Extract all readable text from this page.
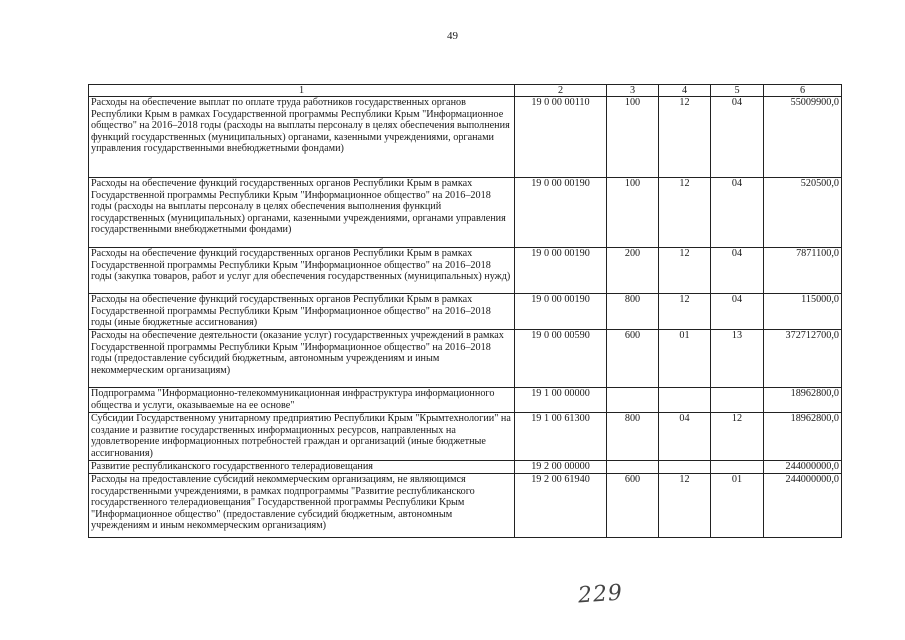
49
1	2	3	4	5	6
Расходы на обеспечение выплат по оплате труда работников государственных органов Республики Крым в рамках Государственной программы Республики Крым "Информационное общество" на 2016–2018 годы (расходы на выплаты персоналу в целях обеспечения выполнения функций государственных (муниципальных) органами, казенными учреждениями, органами управления государственными внебюджетными фондами)	19 0 00 00110	100	12	04	55009900,0
Расходы на обеспечение функций государственных органов Республики Крым в рамках Государственной программы Республики Крым "Информационное общество" на 2016–2018 годы (расходы на выплаты персоналу в целях обеспечения выполнения функций государственных (муниципальных) органами, казенными учреждениями, органами управления государственными внебюджетными фондами)	19 0 00 00190	100	12	04	520500,0
Расходы на обеспечение функций государственных органов Республики Крым в рамках Государственной программы Республики Крым "Информационное общество" на 2016–2018 годы (закупка товаров, работ и услуг для обеспечения государственных (муниципальных) нужд)	19 0 00 00190	200	12	04	7871100,0
Расходы на обеспечение функций государственных органов Республики Крым в рамках Государственной программы Республики Крым "Информационное общество" на 2016–2018 годы (иные бюджетные ассигнования)	19 0 00 00190	800	12	04	115000,0
Расходы на обеспечение деятельности (оказание услуг) государственных учреждений в рамках Государственной программы Республики Крым "Информационное общество" на 2016–2018 годы (предоставление субсидий бюджетным, автономным учреждениям и иным некоммерческим организациям)	19 0 00 00590	600	01	13	372712700,0
Подпрограмма "Информационно-телекоммуникационная инфраструктура информационного общества и услуги, оказываемые на ее основе"	19 1 00 00000				18962800,0
Субсидии Государственному унитарному предприятию Республики Крым "Крымтехнологии" на создание и развитие государственных информационных ресурсов, направленных на удовлетворение информационных потребностей граждан и организаций (иные бюджетные ассигнования)	19 1 00 61300	800	04	12	18962800,0
Развитие республиканского государственного телерадиовещания	19 2 00 00000				244000000,0
Расходы на предоставление субсидий некоммерческим организациям, не являющимся государственными учреждениями, в рамках подпрограммы "Развитие республиканского государственного телерадиовещания" Государственной программы Республики Крым "Информационное общество" (предоставление субсидий бюджетным, автономным учреждениям и иным некоммерческим организациям)	19 2 00 61940	600	12	01	244000000,0
229
